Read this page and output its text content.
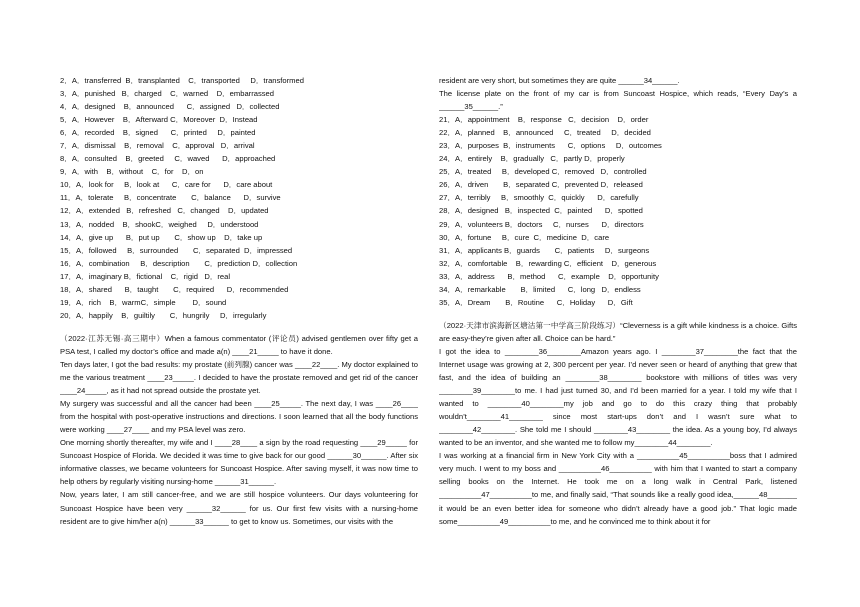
2．A．transferred  B．transplanted    C．transported     D．transformed
3．A．punished   B．charged    C．warned    D．embarrassed
4．A．designed    B．announced      C．assigned   D．collected
5．A．However    B．Afterward C．Moreover  D．Instead
6．A．recorded    B．signed      C．printed     D．painted
7．A．dismissal    B．removal    C．approval   D．arrival
8．A．consulted    B．greeted     C．waved      D．approached
9．A．with    B．without    C．for    D．on
10．A．look for     B．look at      C．care for      D．care about
11．A．tolerate     B．concentrate       C．balance      D．survive
12．A．extended   B．refreshed   C．changed    D．updated
13．A．nodded    B．shookC．weighed     D．understood
14．A．give up      B．put up       C．show up    D．take up
15．A．followed     B．surrounded       C．separated  D．impressed
16．A．combination     B．description       C．prediction D．collection
17．A．imaginary B．fictional    C．rigid   D．real
18．A．shared      B．taught       C．required      D．recommended
19．A．rich    B．warmC．simple        D．sound
20．A．happily    B．guiltily       C．hungrily     D．irregularly
（2022·江苏无锡·高三期中）When a famous commentator (评论员) advised gentlemen over fifty get a PSA test, I called my doctor’s office and made a(n) ____21_____ to have it done.
Ten days later, I got the bad results: my prostate (前列腺) cancer was ____22____. My doctor explained to me the various treatment ____23_____. I decided to have the prostate removed and get rid of the cancer ____24_____, as it had not spread outside the prostate yet.
My surgery was successful and all the cancer had been ____25_____. The next day, I was ____26____ from the hospital with post-operative instructions and directions. I soon learned that all the body functions were working ____27____ and my PSA level was zero.
One morning shortly thereafter, my wife and I ____28____ a sign by the road requesting ____29_____ for Suncoast Hospice of Florida. We decided it was time to give back for our good ______30______. After six informative classes, we became volunteers for Suncoast Hospice. After saving myself, it was now time to help others by regularly visiting nursing-home ______31______.
Now, years later, I am still cancer-free, and we are still hospice volunteers. Our days volunteering for Suncoast Hospice have been very ______32______ for us. Our first few visits with a nursing-home resident are to give him/her a(n) ______33______ to get to know us. Sometimes, our visits with the
resident are very short, but sometimes they are quite ______34______.
The license plate on the front of my car is from Suncoast Hospice, which reads, “Every Day’s a ______35______.”
21．A．appointment    B．response   C．decision    D．order
22．A．planned    B．announced     C．treated     D．decided
23．A．purposes  B．instruments      C．options     D．outcomes
24．A．entirely    B．gradually   C．partly D．properly
25．A．treated     B．developed C．removed   D．controlled
26．A．driven       B．separated C．prevented D．released
27．A．terribly     B．smoothly  C．quickly      D．carefully
28．A．designed   B．inspected  C．painted      D．spotted
29．A．volunteers B．doctors     C．nurses      D．directors
30．A．fortune     B．cure  C．medicine  D．care
31．A．applicants B．guards       C．patients     D．surgeons
32．A．comfortable    B．rewarding C．efficient    D．generous
33．A．address      B．method      C．example    D．opportunity
34．A．remarkable       B．limited      C．long   D．endless
35．A．Dream       B．Routine      C．Holiday      D．Gift
（2022·天津市滨海新区塘沽第一中学高三阶段练习）“Cleverness is a gift while kindness is a choice. Gifts are easy-they’re given after all. Choice can be hard.”
I got the idea to ________36________Amazon years ago. I ________37________the fact that the Internet usage was growing at 2, 300 percent per year. I’d never seen or heard of anything that grew that fast, and the idea of building an ________38________ bookstore with millions of titles was very ________39________to me. I had just turned 30, and I’d been married for a year. I told my wife that I wanted to ________40________my job and go to do this crazy thing that probably wouldn’t________41________ since most start-ups don’t and I wasn’t sure what to ________42________. She told me I should ________43________ the idea. As a young boy, I’d always wanted to be an inventor, and she wanted me to follow my________44________.
I was working at a financial firm in New York City with a __________45__________boss that I admired very much. I went to my boss and __________46__________ with him that I wanted to start a company selling books on the Internet. He took me on a long walk in Central Park, listened __________47__________to me, and finally said, “That sounds like a really good idea,______48_______ it would be an even better idea for someone who didn’t already have a good job.” That logic made some__________49__________to me, and he convinced me to think about it for
